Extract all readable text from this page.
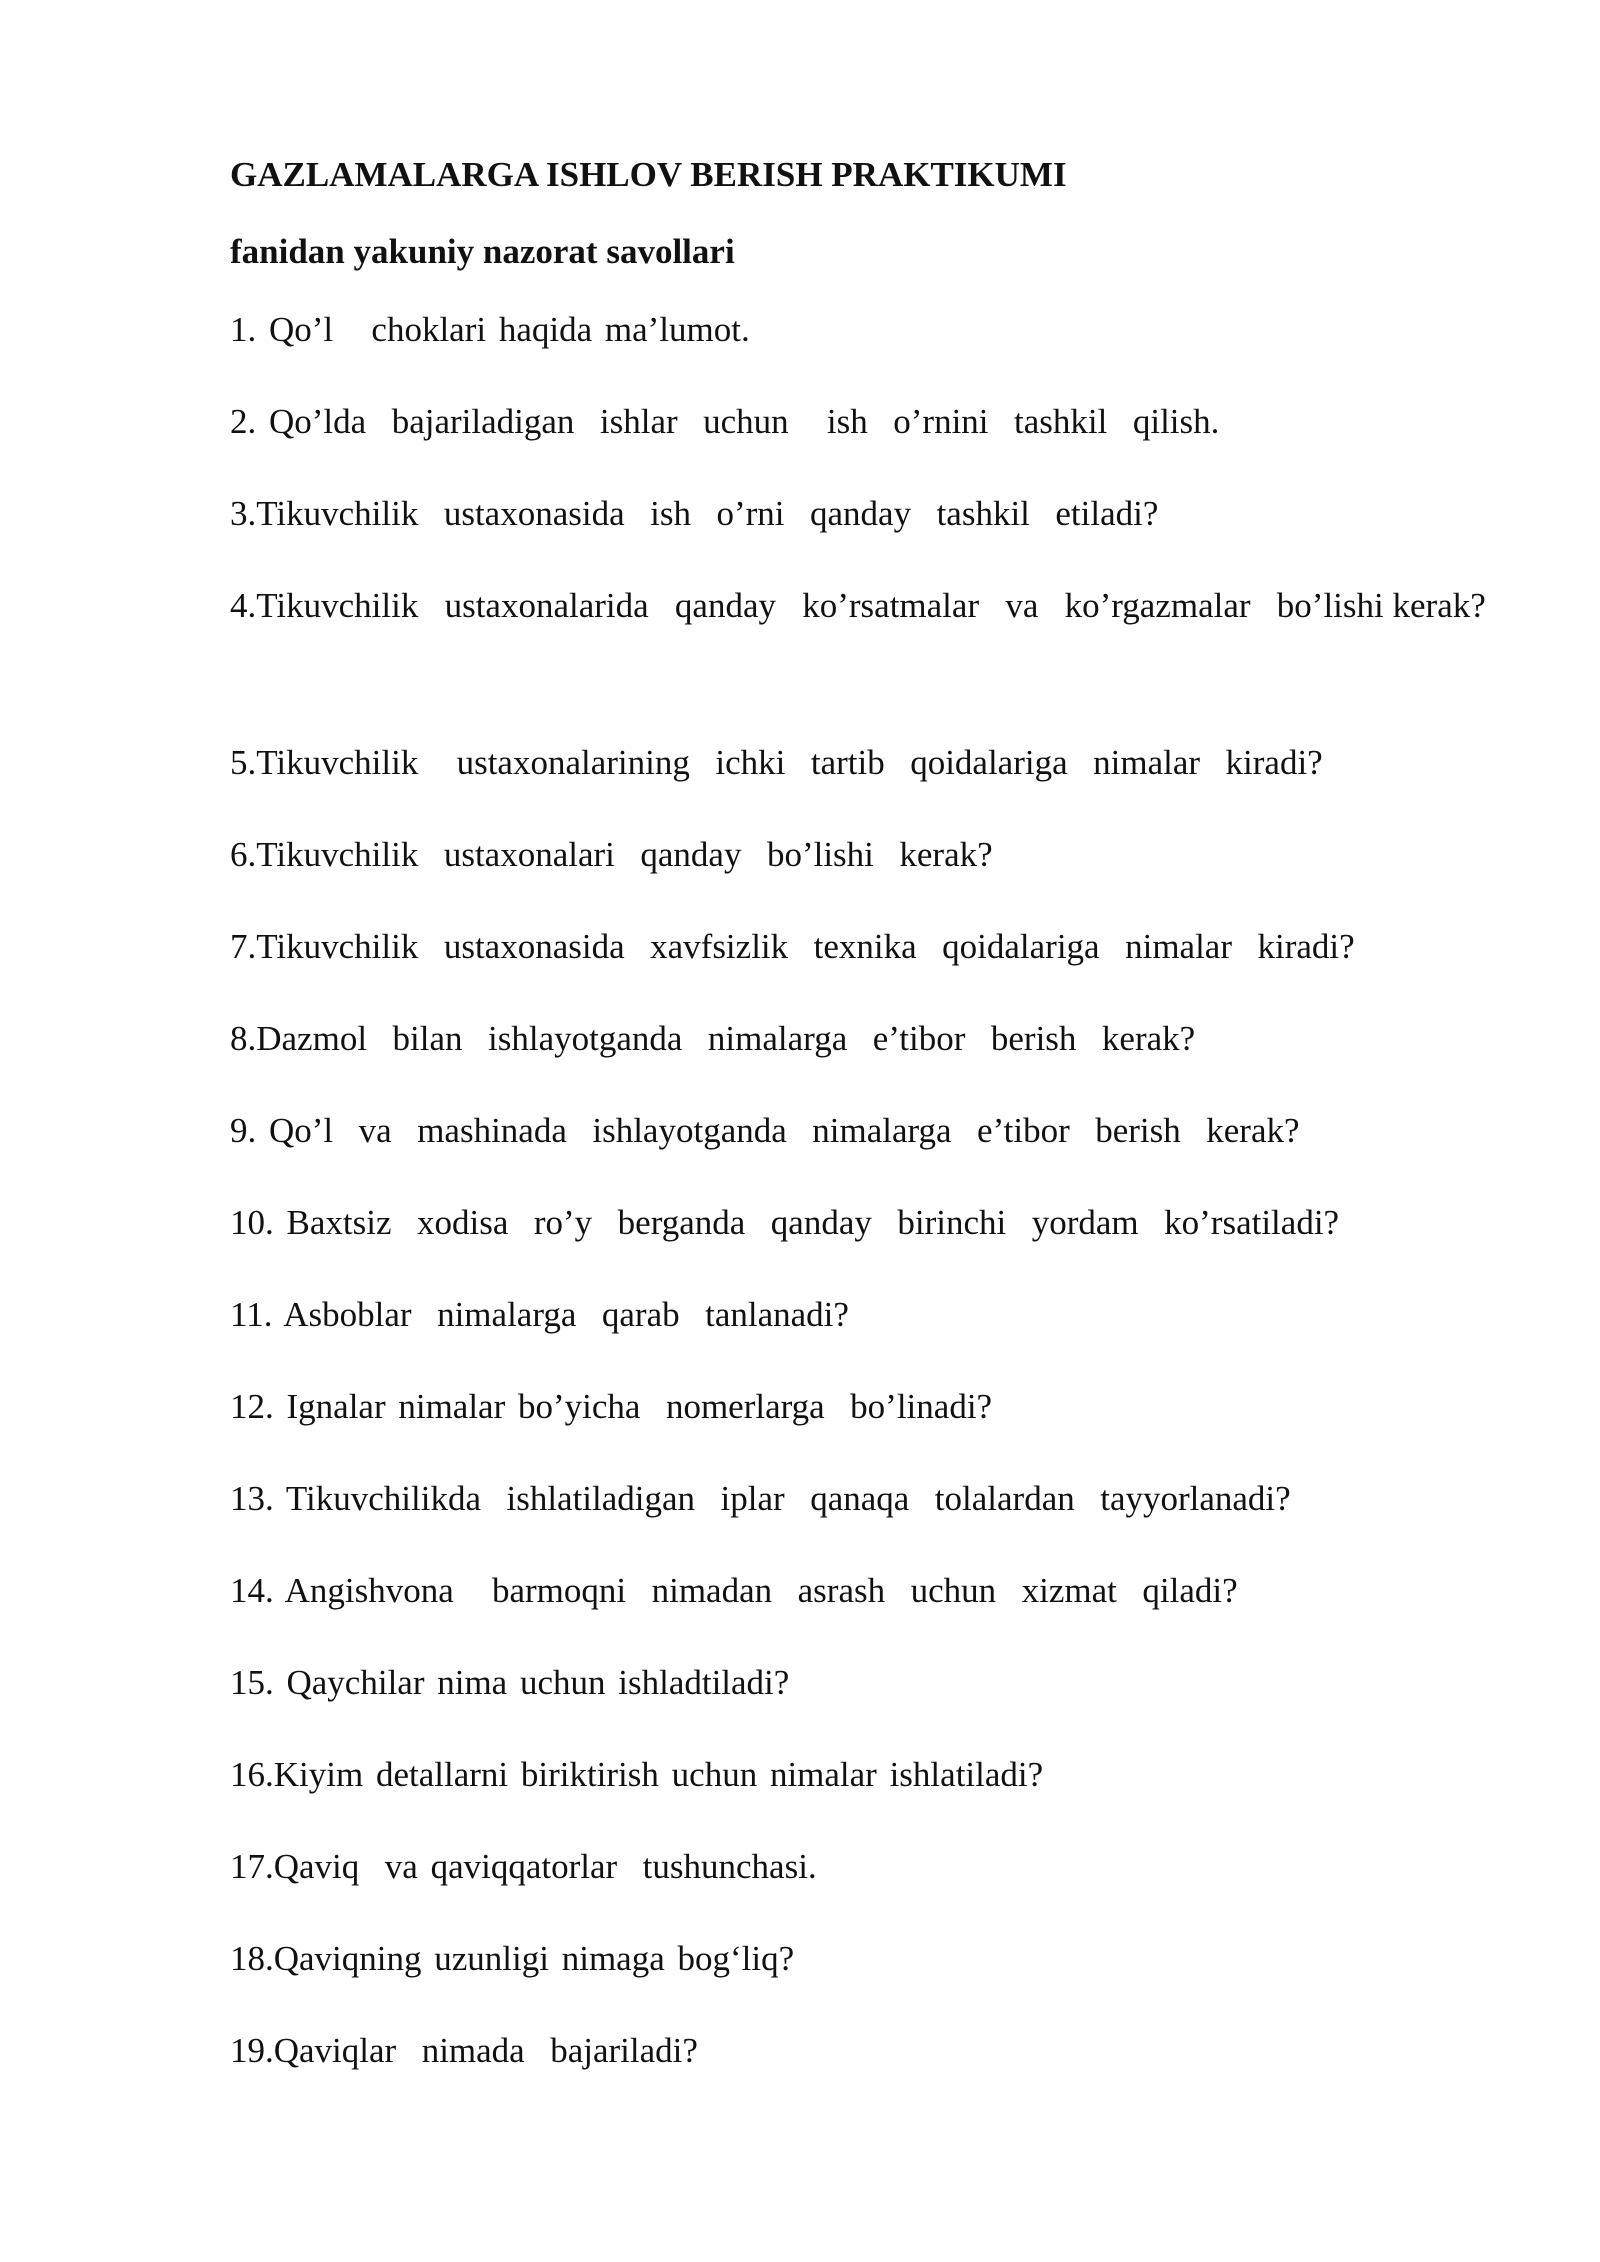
GAZLAMALARGA ISHLOV BERISH PRAKTIKUMI
fanidan yakuniy nazorat savollari
1. Qo’l   choklari haqida ma’lumot.
2. Qo’lda  bajariladigan  ishlar  uchun   ish  o’rnini  tashkil  qilish.
3.Tikuvchilik  ustaxonasida  ish  o’rni  qanday  tashkil  etiladi?
4.Tikuvchilik   ustaxonalarida   qanday   ko’rsatmalar   va   ko’rgazmalar   bo’lishi kerak?
5.Tikuvchilik   ustaxonalarining  ichki  tartib  qoidalariga  nimalar  kiradi?
6.Tikuvchilik  ustaxonalari  qanday  bo’lishi  kerak?
7.Tikuvchilik  ustaxonasida  xavfsizlik  texnika  qoidalariga  nimalar  kiradi?
8.Dazmol  bilan  ishlayotganda  nimalarga  e’tibor  berish  kerak?
9. Qo’l  va  mashinada  ishlayotganda  nimalarga  e’tibor  berish  kerak?
10. Baxtsiz  xodisa  ro’y  berganda  qanday  birinchi  yordam  ko’rsatiladi?
11. Asboblar  nimalarga  qarab  tanlanadi?
12. Ignalar nimalar bo’yicha  nomerlarga  bo’linadi?
13. Tikuvchilikda  ishlatiladigan  iplar  qanaqa  tolalardan  tayyorlanadi?
14. Angishvona   barmoqni  nimadan  asrash  uchun  xizmat  qiladi?
15. Qaychilar nima uchun ishladtiladi?
16.Kiyim detallarni biriktirish uchun nimalar ishlatiladi?
17.Qaviq  va qaviqqatorlar  tushunchasi.
18.Qaviqning uzunligi nimaga bog‘liq?
19.Qaviqlar  nimada  bajariladi?
